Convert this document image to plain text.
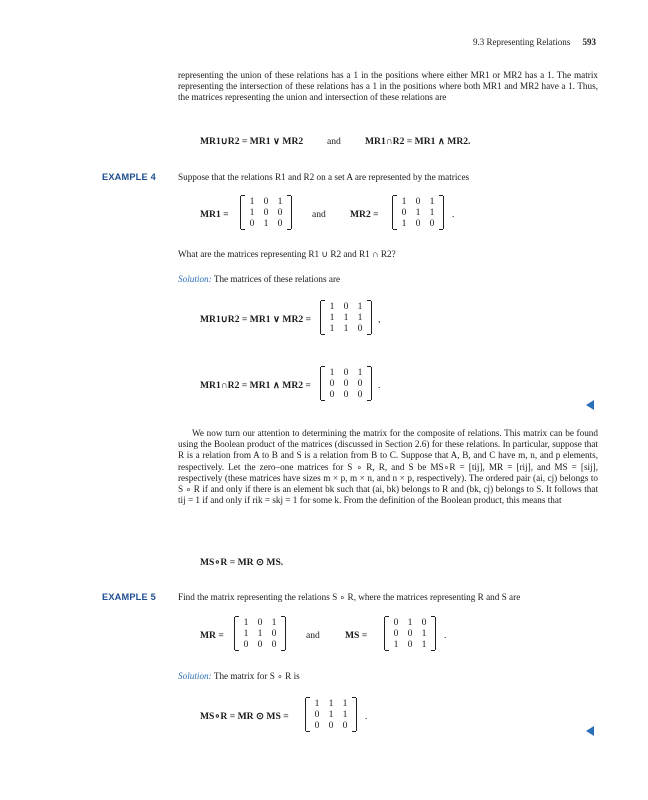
9.3 Representing Relations 593
representing the union of these relations has a 1 in the positions where either MR1 or MR2 has a 1. The matrix representing the intersection of these relations has a 1 in the positions where both MR1 and MR2 have a 1. Thus, the matrices representing the union and intersection of these relations are
MR1∪R2 = MR1 ∨ MR2 and	MR1∩R2 = MR1 ∧ MR2.
EXAMPLE 4 Suppose that the relations R1 and R2 on a set A are represented by the matrices
MR1 =
1	0	1
1	0	0
0	1	0
and	MR2 =
1	0	1
0	1	1
1	0	0
.
What are the matrices representing R1 ∪ R2 and R1 ∩ R2?
Solution: The matrices of these relations are
MR1∪R2 = MR1 ∨ MR2 =
1	0	1
1	1	1
1	1	0
,
MR1∩R2 = MR1 ∧ MR2 =
1	0	1
0	0	0
0	0	0
.
We now turn our attention to determining the matrix for the composite of relations. This matrix can be found using the Boolean product of the matrices (discussed in Section 2.6) for these relations. In particular, suppose that R is a relation from A to B and S is a relation from B to C. Suppose that A, B, and C have m, n, and p elements, respectively. Let the zero–one matrices for S ∘ R, R, and S be MS∘R = [tij], MR = [rij], and MS = [sij], respectively (these matrices have sizes m × p, m × n, and n × p, respectively). The ordered pair (ai, cj) belongs to S ∘ R if and only if there is an element bk such that (ai, bk) belongs to R and (bk, cj) belongs to S. It follows that tij = 1 if and only if rik = skj = 1 for some k. From the definition of the Boolean product, this means that
MS∘R = MR ⊙ MS.
EXAMPLE 5 Find the matrix representing the relations S ∘ R, where the matrices representing R and S are
MR =
1	0	1
1	1	0
0	0	0
and	MS =
0	1	0
0	0	1
1	0	1
.
Solution: The matrix for S ∘ R is
MS∘R = MR ⊙ MS =
1	1	1
0	1	1
0	0	0
.
